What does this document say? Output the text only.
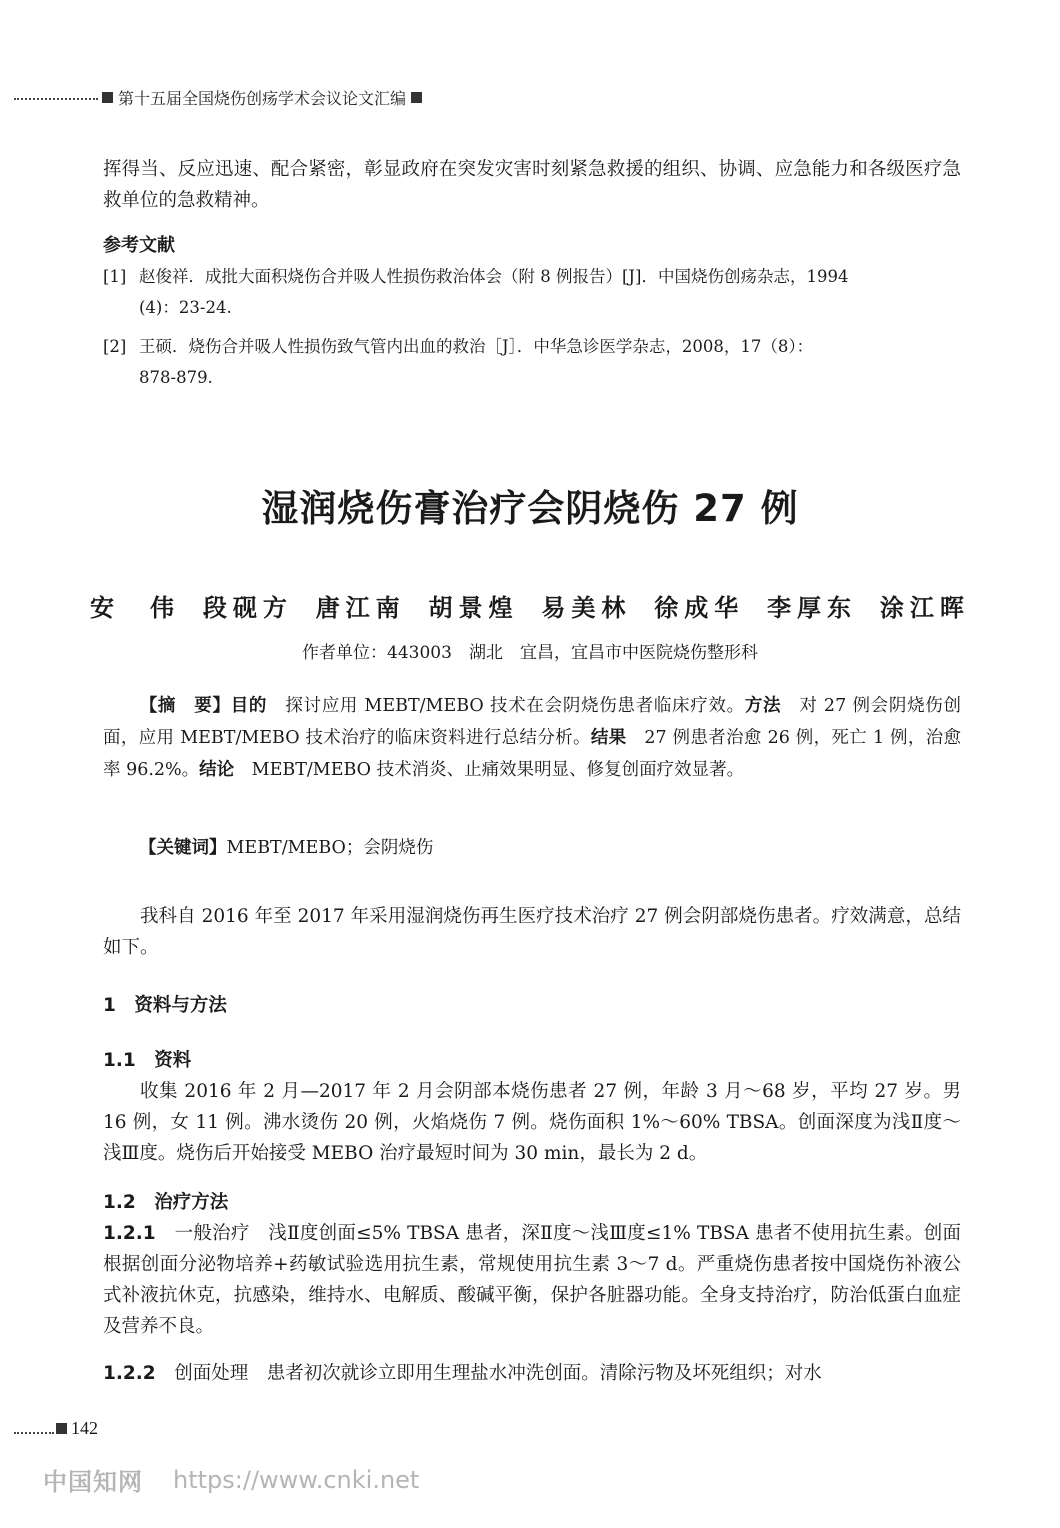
第十五届全国烧伤创疡学术会议论文汇编
挥得当、反应迅速、配合紧密，彰显政府在突发灾害时刻紧急救援的组织、协调、应急能力和各级医疗急救单位的急救精神。
参考文献
[1] 赵俊祥．成批大面积烧伤合并吸人性损伤救治体会（附 8 例报告）[J]．中国烧伤创疡杂志，1994
(4)：23-24.
[2] 王硕．烧伤合并吸人性损伤致气管内出血的救治［J］．中华急诊医学杂志，2008，17（8）：
878-879.
湿润烧伤膏治疗会阴烧伤 27 例
安　伟 段砚方 唐江南 胡景煌 易美林 徐成华 李厚东 涂江晖
作者单位：443003　湖北　宜昌，宜昌市中医院烧伤整形科
【摘　要】目的　探讨应用 MEBT/MEBO 技术在会阴烧伤患者临床疗效。方法　对 27 例会阴烧伤创面，应用 MEBT/MEBO 技术治疗的临床资料进行总结分析。结果　27 例患者治愈 26 例，死亡 1 例，治愈率 96.2%。结论　MEBT/MEBO 技术消炎、止痛效果明显、修复创面疗效显著。
【关键词】MEBT/MEBO；会阴烧伤
我科自 2016 年至 2017 年采用湿润烧伤再生医疗技术治疗 27 例会阴部烧伤患者。疗效满意，总结如下。
1　资料与方法
1.1　资料
收集 2016 年 2 月—2017 年 2 月会阴部本烧伤患者 27 例，年龄 3 月～68 岁，平均 27 岁。男 16 例，女 11 例。沸水烫伤 20 例，火焰烧伤 7 例。烧伤面积 1%～60% TBSA。创面深度为浅Ⅱ度～浅Ⅲ度。烧伤后开始接受 MEBO 治疗最短时间为 30 min，最长为 2 d。
1.2　治疗方法
1.2.1　一般治疗　浅Ⅱ度创面≤5% TBSA 患者，深Ⅱ度～浅Ⅲ度≤1% TBSA 患者不使用抗生素。创面根据创面分泌物培养+药敏试验选用抗生素，常规使用抗生素 3～7 d。严重烧伤患者按中国烧伤补液公式补液抗休克，抗感染，维持水、电解质、酸碱平衡，保护各脏器功能。全身支持治疗，防治低蛋白血症及营养不良。
1.2.2　创面处理　患者初次就诊立即用生理盐水冲洗创面。清除污物及坏死组织；对水
142
中国知网 https://www.cnki.net
